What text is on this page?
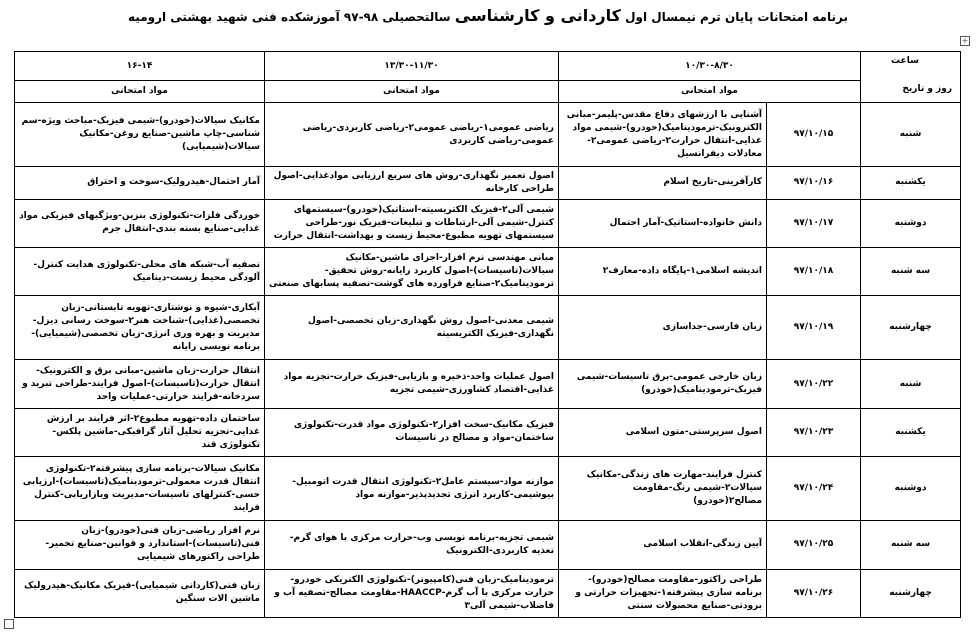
برنامه امتحانات پایان ترم نیمسال اول کاردانی و کارشناسی سالتحصیلی ۹۸-۹۷ آموزشکده فنی شهید بهشتی ارومیه
+
ساعت
روز و تاریخ	۱۰/۳۰-۸/۳۰		۱۳/۳۰-۱۱/۳۰	۱۶-۱۴
	مواد امتحانی		مواد امتحانی	مواد امتحانی
شنبه	۹۷/۱۰/۱۵	آشنایی با ارزشهای دفاع مقدس-پلیمر-مبانی الکترونیک-ترمودینامیک(خودرو)-شیمی مواد غذایی-انتقال حرارت۲-ریاضی عمومی۲-معادلات دیفرانسیل	ریاضی عمومی۱-ریاضی عمومی۲-ریاضی کاربردی-ریاضی عمومی-ریاضی کاربردی	مکانیک سیالات(خودرو)-شیمی فیزیک-مباحث ویژه-سم شناسی-چاپ ماشین-صنایع روغن-مکانیک سیالات(شیمیایی)
یکشنبه	۹۷/۱۰/۱۶	کارآفرینی-تاریخ اسلام	اصول تعمیر نگهداری-روش های سریع ارزیابی موادغذایی-اصول طراحی کارخانه	آمار احتمال-هیدرولیک-سوخت و احتراق
دوشنبه	۹۷/۱۰/۱۷	دانش خانواده-استاتیک-آمار احتمال	شیمی آلی۲-فیزیک الکتریسیته-استاتیک(خودرو)-سیستمهای کنترل-شیمی آلی-ارتباطات و تبلیغات-فیزیک نور-طراحی سیستمهای تهویه مطبوع-محیط زیست و بهداشت-انتقال حرارت	خوردگی فلزات-تکنولوژی بنزین-ویژگیهای فیزیکی مواد غذایی-صنایع بسته بندی-انتقال جرم
سه شنبه	۹۷/۱۰/۱۸	اندیشه اسلامی۱-پایگاه داده-معارف۲	مبانی مهندسی نرم افزار-اجزای ماشین-مکانیک سیالات(تاسیسات)-اصول کاربرد رایانه-روش تحقیق-ترمودینامیک۲-صنایع فراورده های گوشت-تصفیه پسابهای صنعتی	تصفیه آب-شبکه های محلی-تکنولوژی هدایت کنترل-آلودگی محیط زیست-دینامیک
چهارشنبه	۹۷/۱۰/۱۹	زبان فارسی-جداسازی	شیمی معدنی-اصول روش نگهداری-زبان تخصصی-اصول نگهداری-فیزیک الکتریسیته	آبکاری-شیوه و نوشتاری-تهویه تابستانی-زبان تخصصی(غذایی)-شناخت هنر۲-سوخت رسانی دیزل-مدیریت و بهره وری انرژی-زبان تخصصی(شیمیایی)-برنامه نویسی رایانه
شنبه	۹۷/۱۰/۲۲	زبان خارجی عمومی-برق تاسیسات-شیمی فیزیک-ترمودینامیک(خودرو)	اصول عملیات واحد-ذخیره و بازیابی-فیزیک حرارت-تجزیه مواد غذایی-اقتصاد کشاورزی-شیمی تجزیه	انتقال حرارت-زبان ماشین-مبانی برق و الکترونیک-انتقال حرارت(تاسیسات)-اصول فرایند-طراحی تبرید و سردخانه-فرایند حرارتی-عملیات واحد
یکشنبه	۹۷/۱۰/۲۳	اصول سرپرستی-متون اسلامی	فیزیک مکانیک-سخت افزار۲-تکنولوژی مواد قدرت-تکنولوژی ساختمان-مواد و مصالح در تاسیسات	ساختمان داده-تهویه مطبوع۲-اثر فرایند بر ارزش غذایی-تجزیه تحلیل آثار گرافیکی-ماشین پلکس-تکنولوژی قند
دوشنبه	۹۷/۱۰/۲۴	کنترل فرایند-مهارت های زندگی-مکانیک سیالات۲-شیمی رنگ-مقاومت مصالح۲(خودرو)	موازنه مواد-سیستم عامل۲-تکنولوژی انتقال قدرت اتومبیل-بیوشیمی-کاربرد انرژی تجدیدپذیر-موازنه مواد	مکانیک سیالات-برنامه سازی پیشرفته۲-تکنولوژی انتقال قدرت معمولی-ترمودینامیک(تاسیسات)-ارزیابی حسی-کنترلهای تاسیسات-مدیریت وبازاریابی-کنترل فرایند
سه شنبه	۹۷/۱۰/۲۵	آیین زندگی-انقلاب اسلامی	شیمی تجزیه-برنامه نویسی وب-حرارت مرکزی با هوای گرم-تغذیه کاربردی-الکترونیک	نرم افزار ریاضی-زبان فنی(خودرو)-زبان فنی(تاسیسات)-استاندارد و قوانین-صنایع تخمیر-طراحی راکتورهای شیمیایی
چهارشنبه	۹۷/۱۰/۲۶	طراحی راکتور-مقاومت مصالح(خودرو)-برنامه سازی پیشرفته۱-تجهیزات حرارتی و برودتی-صنایع محصولات سنتی	ترمودینامیک-زبان فنی(کامپیوتر)-تکنولوژی الکتریکی خودرو-حرارت مرکزی با آب گرم-HAACCP-مقاومت مصالح-تصفیه آب و فاضلاب-شیمی آلی۳	زبان فنی(کاردانی شیمیایی)-فیزیک مکانیک-هیدرولیک ماشین الات سنگین
